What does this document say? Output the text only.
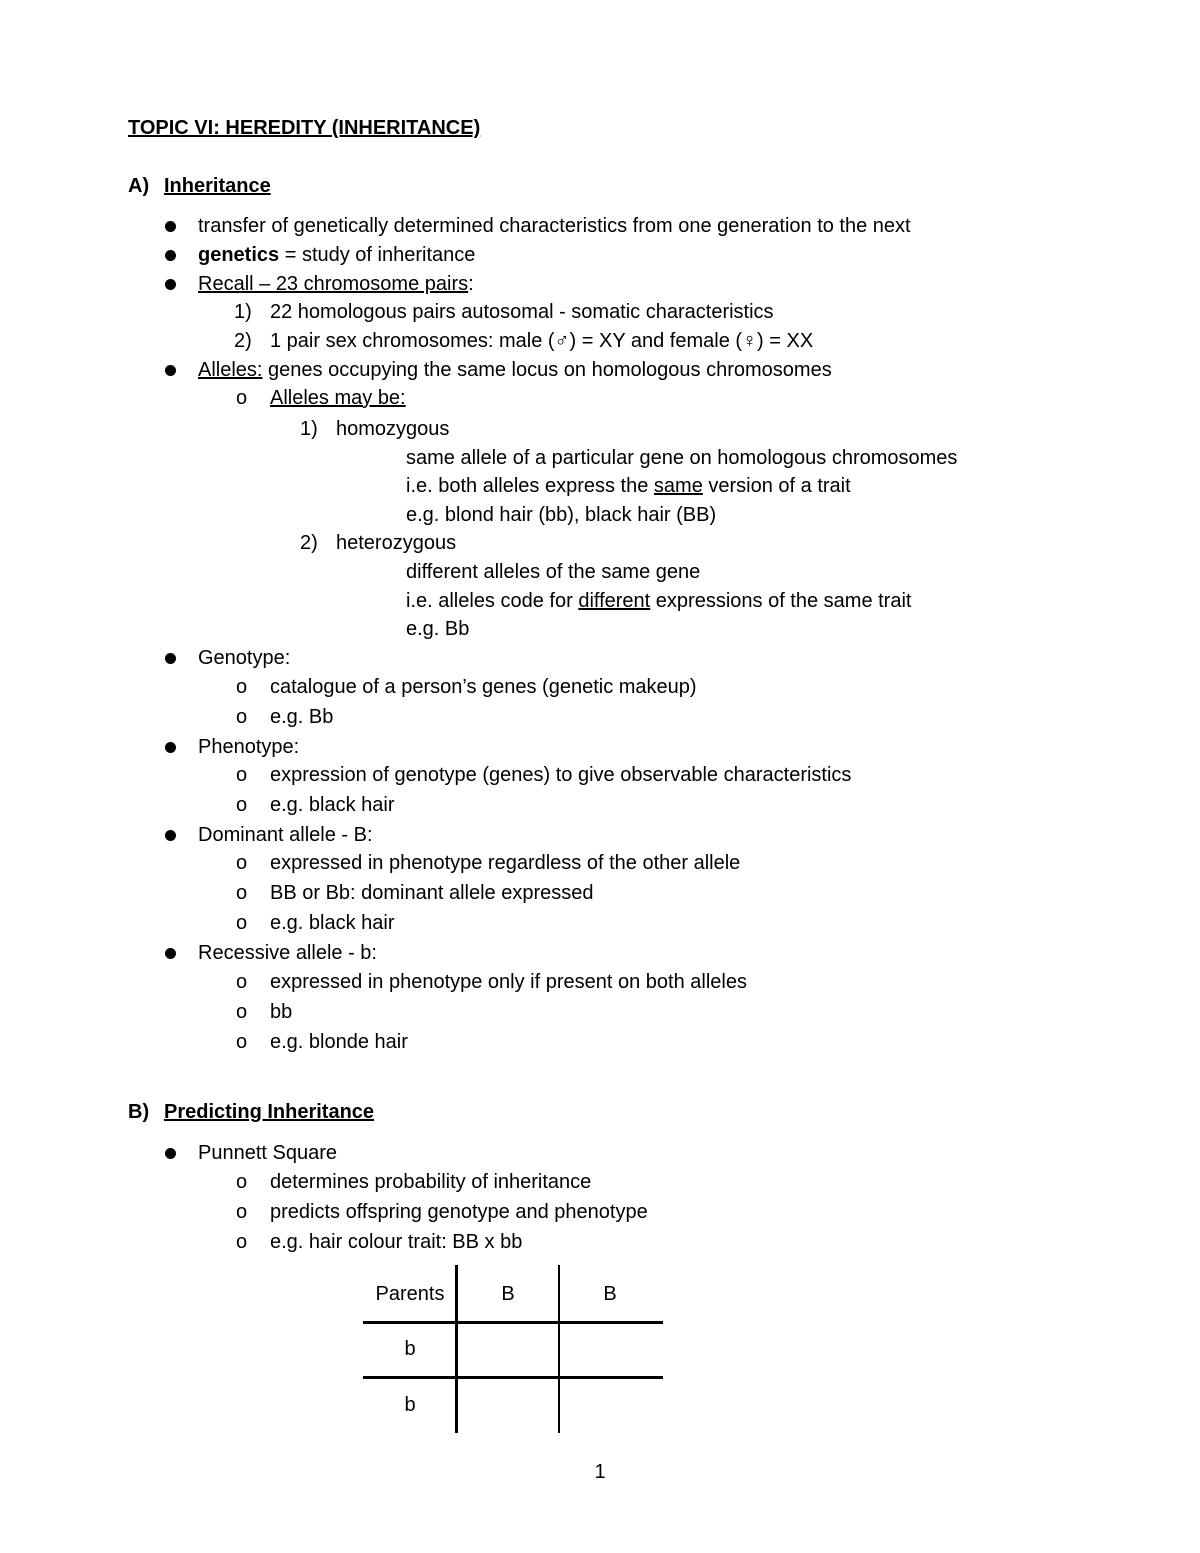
TOPIC VI: HEREDITY (INHERITANCE)
A) Inheritance
transfer of genetically determined characteristics from one generation to the next
genetics = study of inheritance
Recall – 23 chromosome pairs:
1) 22 homologous pairs autosomal - somatic characteristics
2) 1 pair sex chromosomes: male (♂) = XY and female (♀) = XX
Alleles: genes occupying the same locus on homologous chromosomes
o Alleles may be:
1) homozygous
same allele of a particular gene on homologous chromosomes
i.e. both alleles express the same version of a trait
e.g. blond hair (bb), black hair (BB)
2) heterozygous
different alleles of the same gene
i.e. alleles code for different expressions of the same trait
e.g. Bb
Genotype:
o catalogue of a person’s genes (genetic makeup)
o e.g. Bb
Phenotype:
o expression of genotype (genes) to give observable characteristics
o e.g. black hair
Dominant allele - B:
o expressed in phenotype regardless of the other allele
o BB or Bb: dominant allele expressed
o e.g. black hair
Recessive allele - b:
o expressed in phenotype only if present on both alleles
o bb
o e.g. blonde hair
B) Predicting Inheritance
Punnett Square
o determines probability of inheritance
o predicts offspring genotype and phenotype
o e.g. hair colour trait: BB x bb
Parents	B	B
b
b
1
